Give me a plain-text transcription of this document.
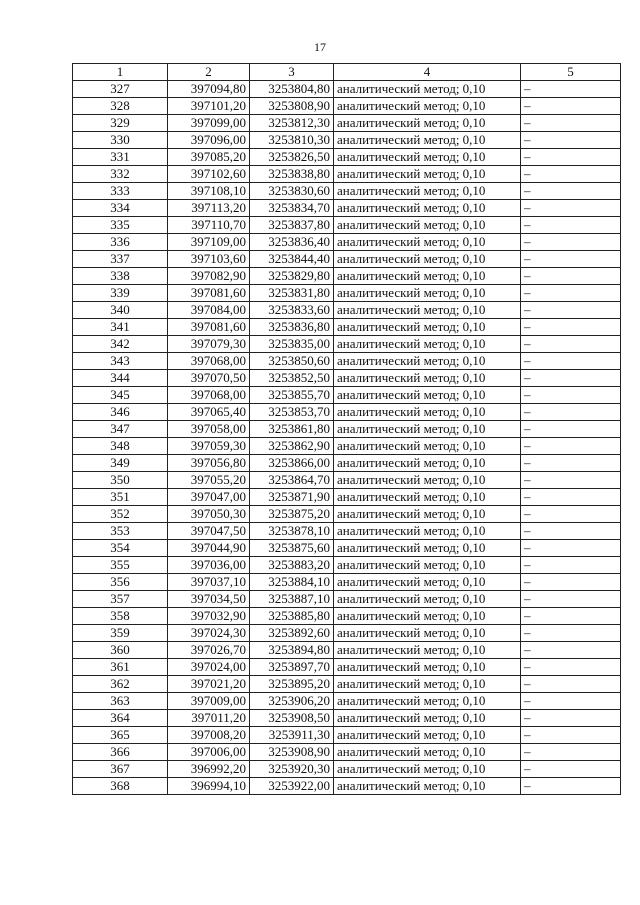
17
1	2	3	4	5
327	397094,80	3253804,80	аналитический метод; 0,10	–
328	397101,20	3253808,90	аналитический метод; 0,10	–
329	397099,00	3253812,30	аналитический метод; 0,10	–
330	397096,00	3253810,30	аналитический метод; 0,10	–
331	397085,20	3253826,50	аналитический метод; 0,10	–
332	397102,60	3253838,80	аналитический метод; 0,10	–
333	397108,10	3253830,60	аналитический метод; 0,10	–
334	397113,20	3253834,70	аналитический метод; 0,10	–
335	397110,70	3253837,80	аналитический метод; 0,10	–
336	397109,00	3253836,40	аналитический метод; 0,10	–
337	397103,60	3253844,40	аналитический метод; 0,10	–
338	397082,90	3253829,80	аналитический метод; 0,10	–
339	397081,60	3253831,80	аналитический метод; 0,10	–
340	397084,00	3253833,60	аналитический метод; 0,10	–
341	397081,60	3253836,80	аналитический метод; 0,10	–
342	397079,30	3253835,00	аналитический метод; 0,10	–
343	397068,00	3253850,60	аналитический метод; 0,10	–
344	397070,50	3253852,50	аналитический метод; 0,10	–
345	397068,00	3253855,70	аналитический метод; 0,10	–
346	397065,40	3253853,70	аналитический метод; 0,10	–
347	397058,00	3253861,80	аналитический метод; 0,10	–
348	397059,30	3253862,90	аналитический метод; 0,10	–
349	397056,80	3253866,00	аналитический метод; 0,10	–
350	397055,20	3253864,70	аналитический метод; 0,10	–
351	397047,00	3253871,90	аналитический метод; 0,10	–
352	397050,30	3253875,20	аналитический метод; 0,10	–
353	397047,50	3253878,10	аналитический метод; 0,10	–
354	397044,90	3253875,60	аналитический метод; 0,10	–
355	397036,00	3253883,20	аналитический метод; 0,10	–
356	397037,10	3253884,10	аналитический метод; 0,10	–
357	397034,50	3253887,10	аналитический метод; 0,10	–
358	397032,90	3253885,80	аналитический метод; 0,10	–
359	397024,30	3253892,60	аналитический метод; 0,10	–
360	397026,70	3253894,80	аналитический метод; 0,10	–
361	397024,00	3253897,70	аналитический метод; 0,10	–
362	397021,20	3253895,20	аналитический метод; 0,10	–
363	397009,00	3253906,20	аналитический метод; 0,10	–
364	397011,20	3253908,50	аналитический метод; 0,10	–
365	397008,20	3253911,30	аналитический метод; 0,10	–
366	397006,00	3253908,90	аналитический метод; 0,10	–
367	396992,20	3253920,30	аналитический метод; 0,10	–
368	396994,10	3253922,00	аналитический метод; 0,10	–
